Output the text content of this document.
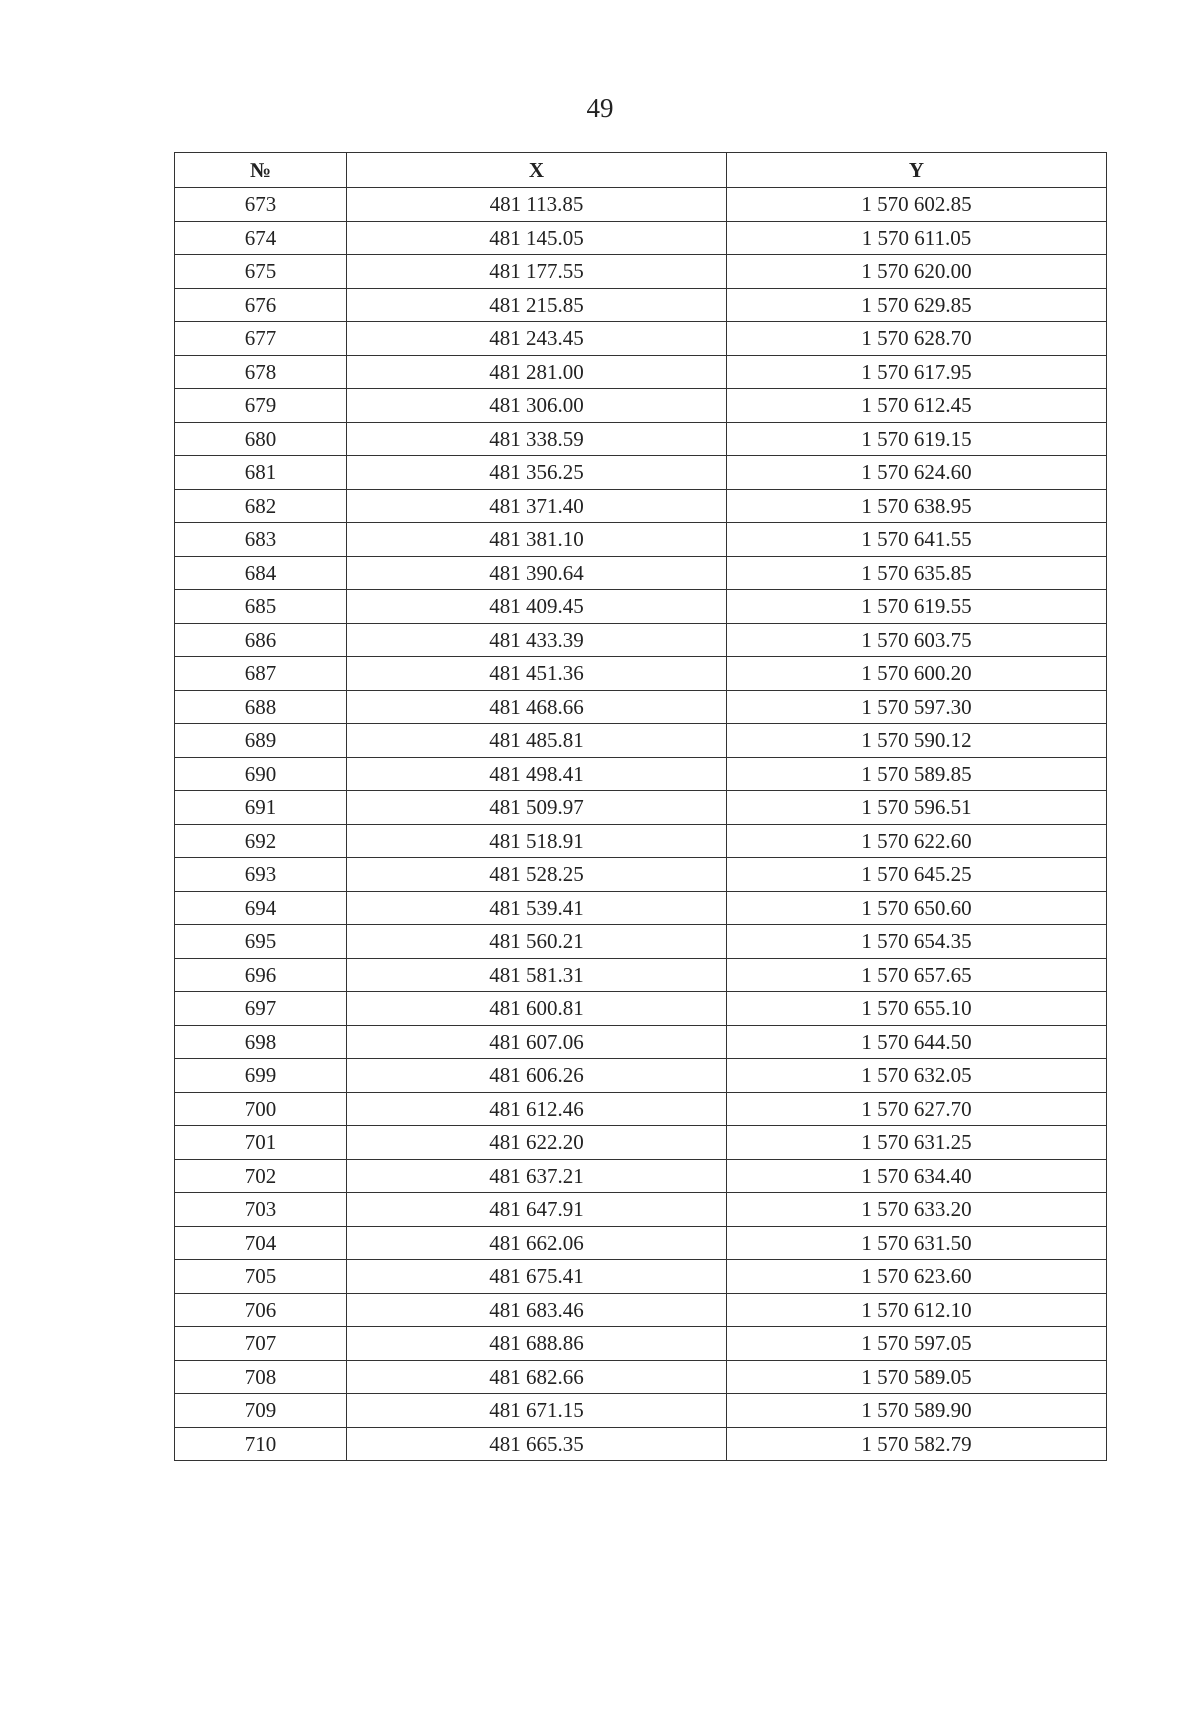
49
№	X	Y
673	481 113.85	1 570 602.85
674	481 145.05	1 570 611.05
675	481 177.55	1 570 620.00
676	481 215.85	1 570 629.85
677	481 243.45	1 570 628.70
678	481 281.00	1 570 617.95
679	481 306.00	1 570 612.45
680	481 338.59	1 570 619.15
681	481 356.25	1 570 624.60
682	481 371.40	1 570 638.95
683	481 381.10	1 570 641.55
684	481 390.64	1 570 635.85
685	481 409.45	1 570 619.55
686	481 433.39	1 570 603.75
687	481 451.36	1 570 600.20
688	481 468.66	1 570 597.30
689	481 485.81	1 570 590.12
690	481 498.41	1 570 589.85
691	481 509.97	1 570 596.51
692	481 518.91	1 570 622.60
693	481 528.25	1 570 645.25
694	481 539.41	1 570 650.60
695	481 560.21	1 570 654.35
696	481 581.31	1 570 657.65
697	481 600.81	1 570 655.10
698	481 607.06	1 570 644.50
699	481 606.26	1 570 632.05
700	481 612.46	1 570 627.70
701	481 622.20	1 570 631.25
702	481 637.21	1 570 634.40
703	481 647.91	1 570 633.20
704	481 662.06	1 570 631.50
705	481 675.41	1 570 623.60
706	481 683.46	1 570 612.10
707	481 688.86	1 570 597.05
708	481 682.66	1 570 589.05
709	481 671.15	1 570 589.90
710	481 665.35	1 570 582.79
